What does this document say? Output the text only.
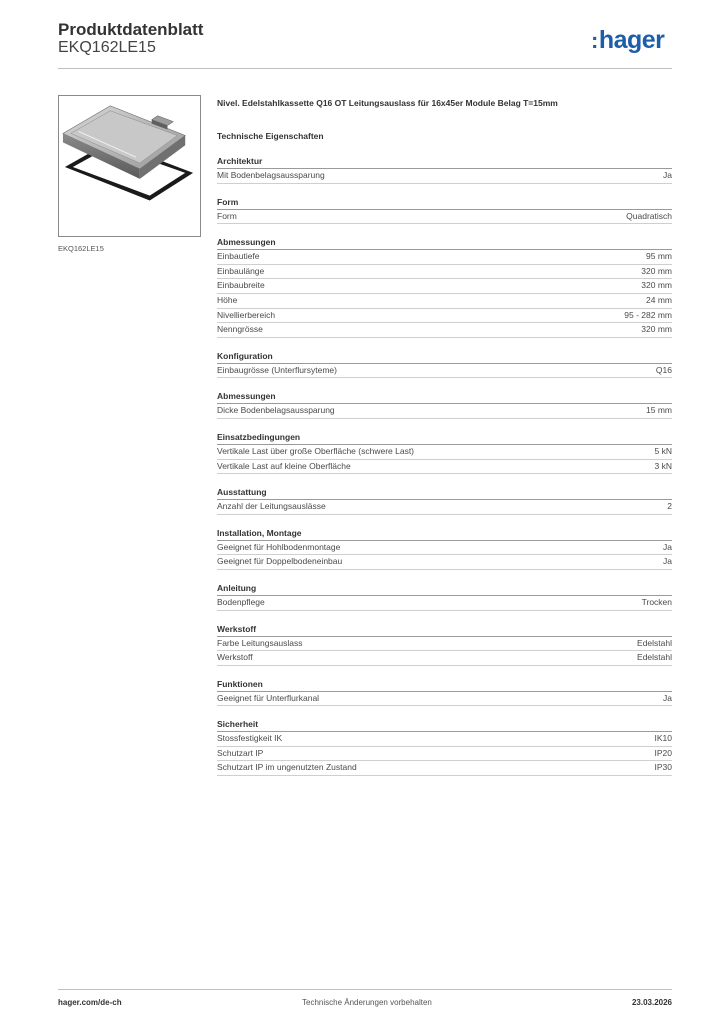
Produktdatenblatt
EKQ162LE15	:hager
EKQ162LE15
Nivel. Edelstahlkassette Q16 OT Leitungsauslass für 16x45er Module Belag T=15mm
Technische Eigenschaften
Architektur
Mit Bodenbelagsaussparung	Ja
Form
Form	Quadratisch
Abmessungen
Einbautiefe	95 mm
Einbaulänge	320 mm
Einbaubreite	320 mm
Höhe	24 mm
Nivellierbereich	95 - 282 mm
Nenngrösse	320 mm
Konfiguration
Einbaugrösse (Unterflursyteme)	Q16
Abmessungen
Dicke Bodenbelagsaussparung	15 mm
Einsatzbedingungen
Vertikale Last über große Oberfläche (schwere Last)	5 kN
Vertikale Last auf kleine Oberfläche	3 kN
Ausstattung
Anzahl der Leitungsauslässe	2
Installation, Montage
Geeignet für Hohlbodenmontage	Ja
Geeignet für Doppelbodeneinbau	Ja
Anleitung
Bodenpflege	Trocken
Werkstoff
Farbe Leitungsauslass	Edelstahl
Werkstoff	Edelstahl
Funktionen
Geeignet für Unterflurkanal	Ja
Sicherheit
Stossfestigkeit IK	IK10
Schutzart IP	IP20
Schutzart IP im ungenutzten Zustand	IP30
hager.com/de-ch	Technische Änderungen vorbehalten	23.03.2026
